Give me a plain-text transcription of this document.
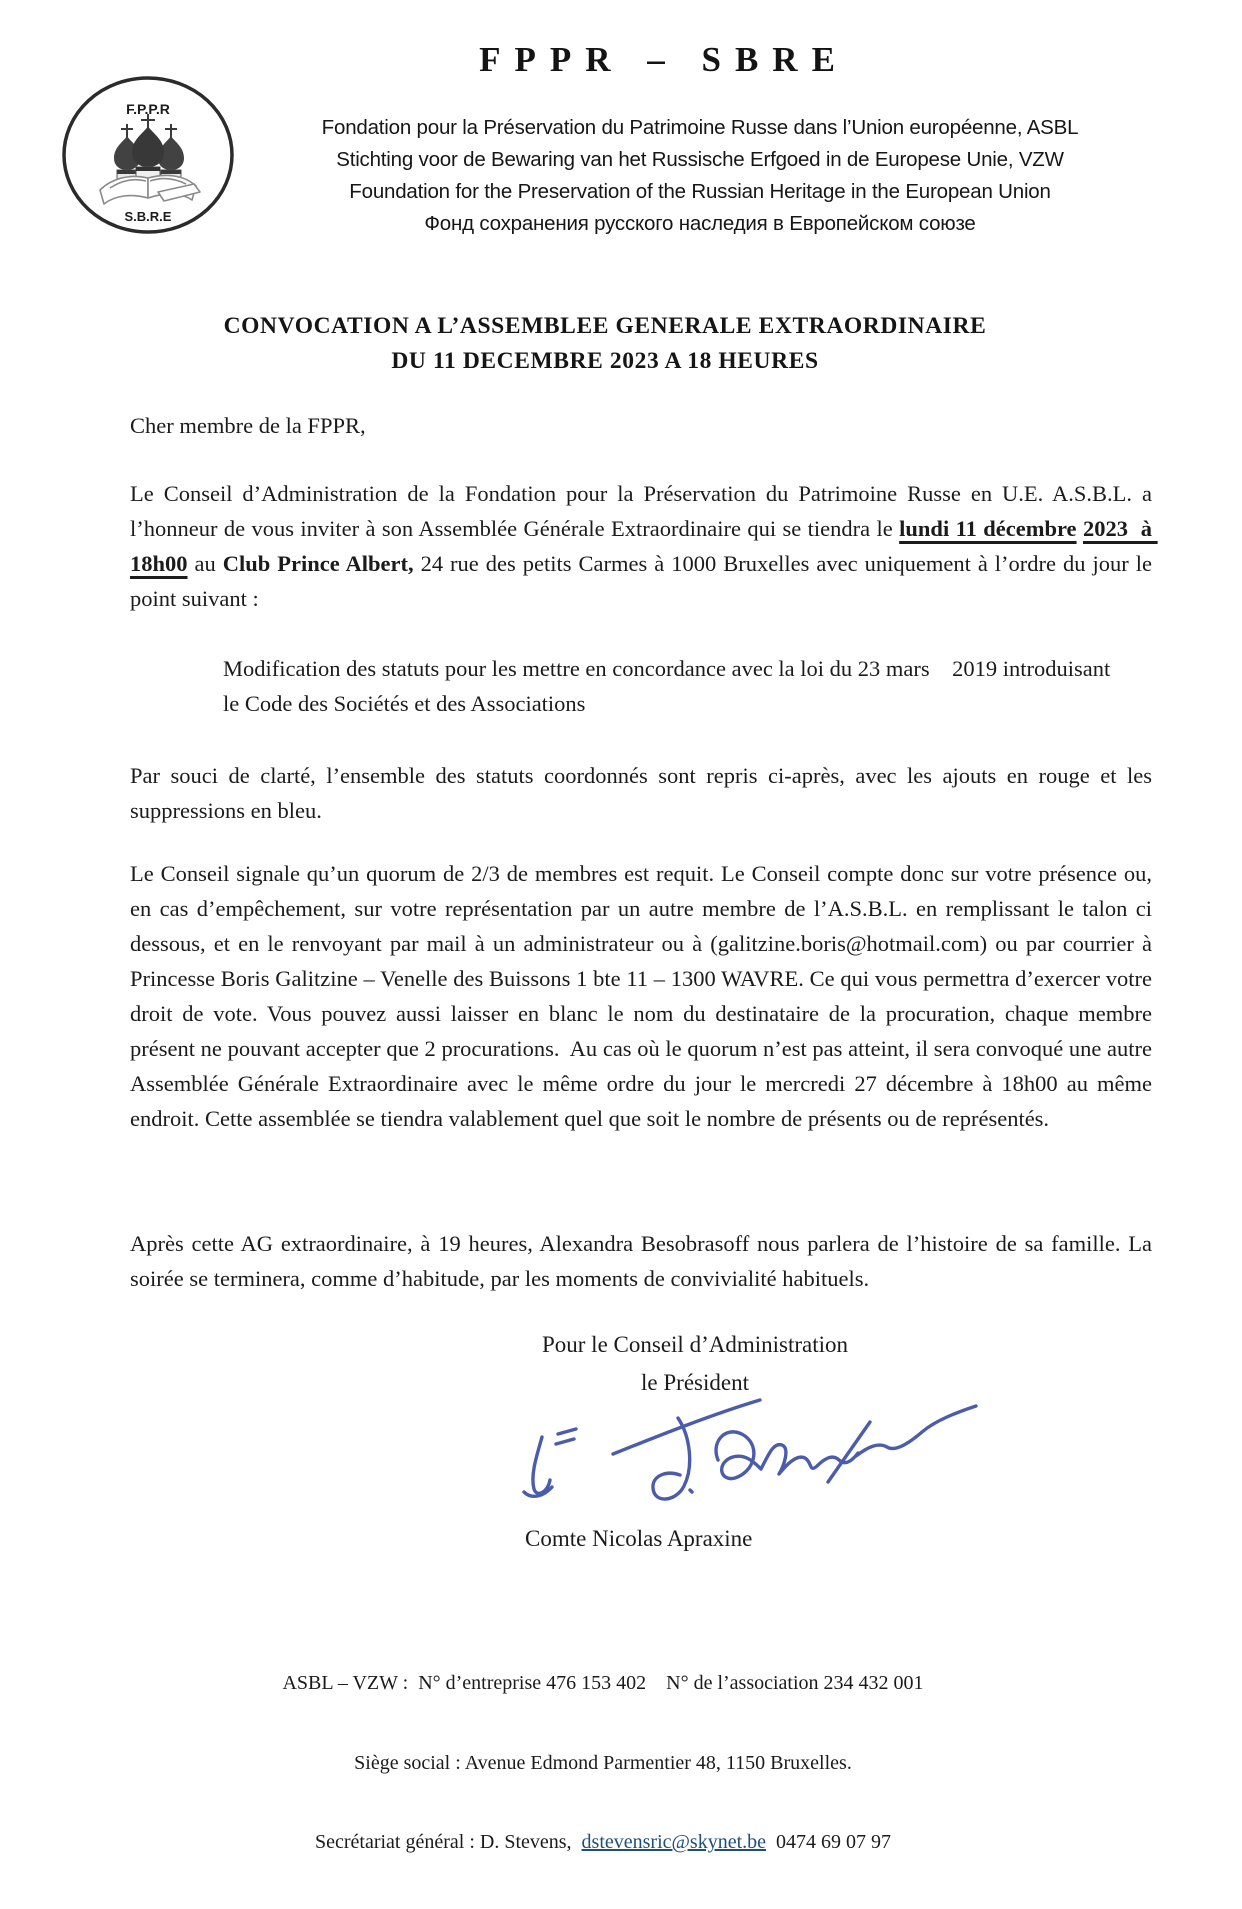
FPPR – SBRE
F.P.P.R
S.B.R.E
Fondation pour la Préservation du Patrimoine Russe dans l’Union européenne, ASBL
Stichting voor de Bewaring van het Russische Erfgoed in de Europese Unie, VZW
Foundation for the Preservation of the Russian Heritage in the European Union
Фонд сохранения русского наследия в Европейском союзе
CONVOCATION A L’ASSEMBLEE GENERALE EXTRAORDINAIRE
DU 11 DECEMBRE 2023 A 18 HEURES
Cher membre de la FPPR,

Le Conseil d’Administration de la Fondation pour la Préservation du Patrimoine Russe en U.E. A.S.B.L. a l’honneur de vous inviter à son Assemblée Générale Extraordinaire qui se tiendra le lundi 11 décembre 2023  à 18h00 au Club Prince Albert, 24 rue des petits Carmes à 1000 Bruxelles avec uniquement à l’ordre du jour le point suivant :

Modification des statuts pour les mettre en concordance avec la loi du 23 mars    2019 introduisant le Code des Sociétés et des Associations

Par souci de clarté, l’ensemble des statuts coordonnés sont repris ci-après, avec les ajouts en rouge et les suppressions en bleu.

Le Conseil signale qu’un quorum de 2/3 de membres est requit. Le Conseil compte donc sur votre présence ou, en cas d’empêchement, sur votre représentation par un autre membre de l’A.S.B.L. en remplissant le talon ci dessous, et en le renvoyant par mail à un administrateur ou à (galitzine.boris@hotmail.com) ou par courrier à Princesse Boris Galitzine – Venelle des Buissons 1 bte 11 – 1300 WAVRE. Ce qui vous permettra d’exercer votre droit de vote. Vous pouvez aussi laisser en blanc le nom du destinataire de la procuration, chaque membre présent ne pouvant accepter que 2 procurations.  Au cas où le quorum n’est pas atteint, il sera convoqué une autre Assemblée Générale Extraordinaire avec le même ordre du jour le mercredi 27 décembre à 18h00 au même endroit. Cette assemblée se tiendra valablement quel que soit le nombre de présents ou de représentés.

Après cette AG extraordinaire, à 19 heures, Alexandra Besobrasoff nous parlera de l’histoire de sa famille. La soirée se terminera, comme d’habitude, par les moments de convivialité habituels.

Pour le Conseil d’Administration
le Président
Comte Nicolas Apraxine

ASBL – VZW :  N° d’entreprise 476 153 402    N° de l’association 234 432 001

Siège social : Avenue Edmond Parmentier 48, 1150 Bruxelles.

Secrétariat général : D. Stevens,  dstevensric@skynet.be  0474 69 07 97
